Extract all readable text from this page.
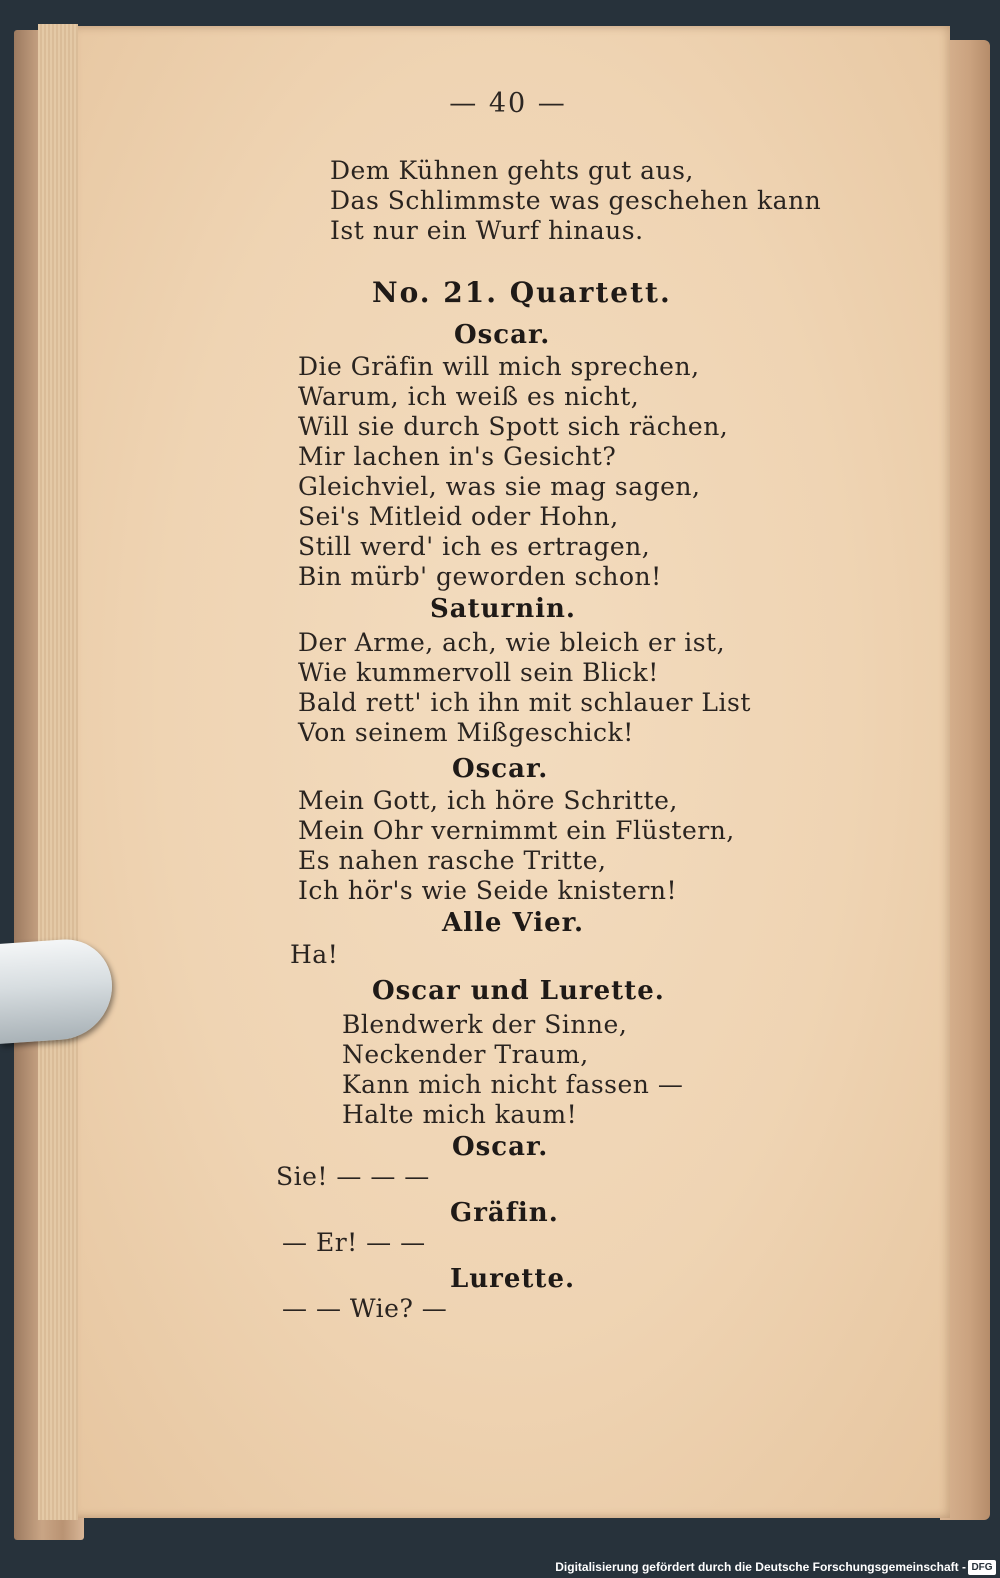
— 40 —
Dem Kühnen gehts gut aus,
Das Schlimmste was geschehen kann
Ist nur ein Wurf hinaus.
No. 21. Quartett.
Oscar.
Die Gräfin will mich sprechen,
Warum, ich weiß es nicht,
Will sie durch Spott sich rächen,
Mir lachen in's Gesicht?
Gleichviel, was sie mag sagen,
Sei's Mitleid oder Hohn,
Still werd' ich es ertragen,
Bin mürb' geworden schon!
Saturnin.
Der Arme, ach, wie bleich er ist,
Wie kummervoll sein Blick!
Bald rett' ich ihn mit schlauer List
Von seinem Mißgeschick!
Oscar.
Mein Gott, ich höre Schritte,
Mein Ohr vernimmt ein Flüstern,
Es nahen rasche Tritte,
Ich hör's wie Seide knistern!
Alle Vier.
Ha!
Oscar und Lurette.
Blendwerk der Sinne,
Neckender Traum,
Kann mich nicht fassen —
Halte mich kaum!
Oscar.
Sie! — — —
Gräfin.
— Er! — —
Lurette.
— — Wie? —
Digitalisierung gefördert durch die Deutsche Forschungsgemeinschaft - DFG
